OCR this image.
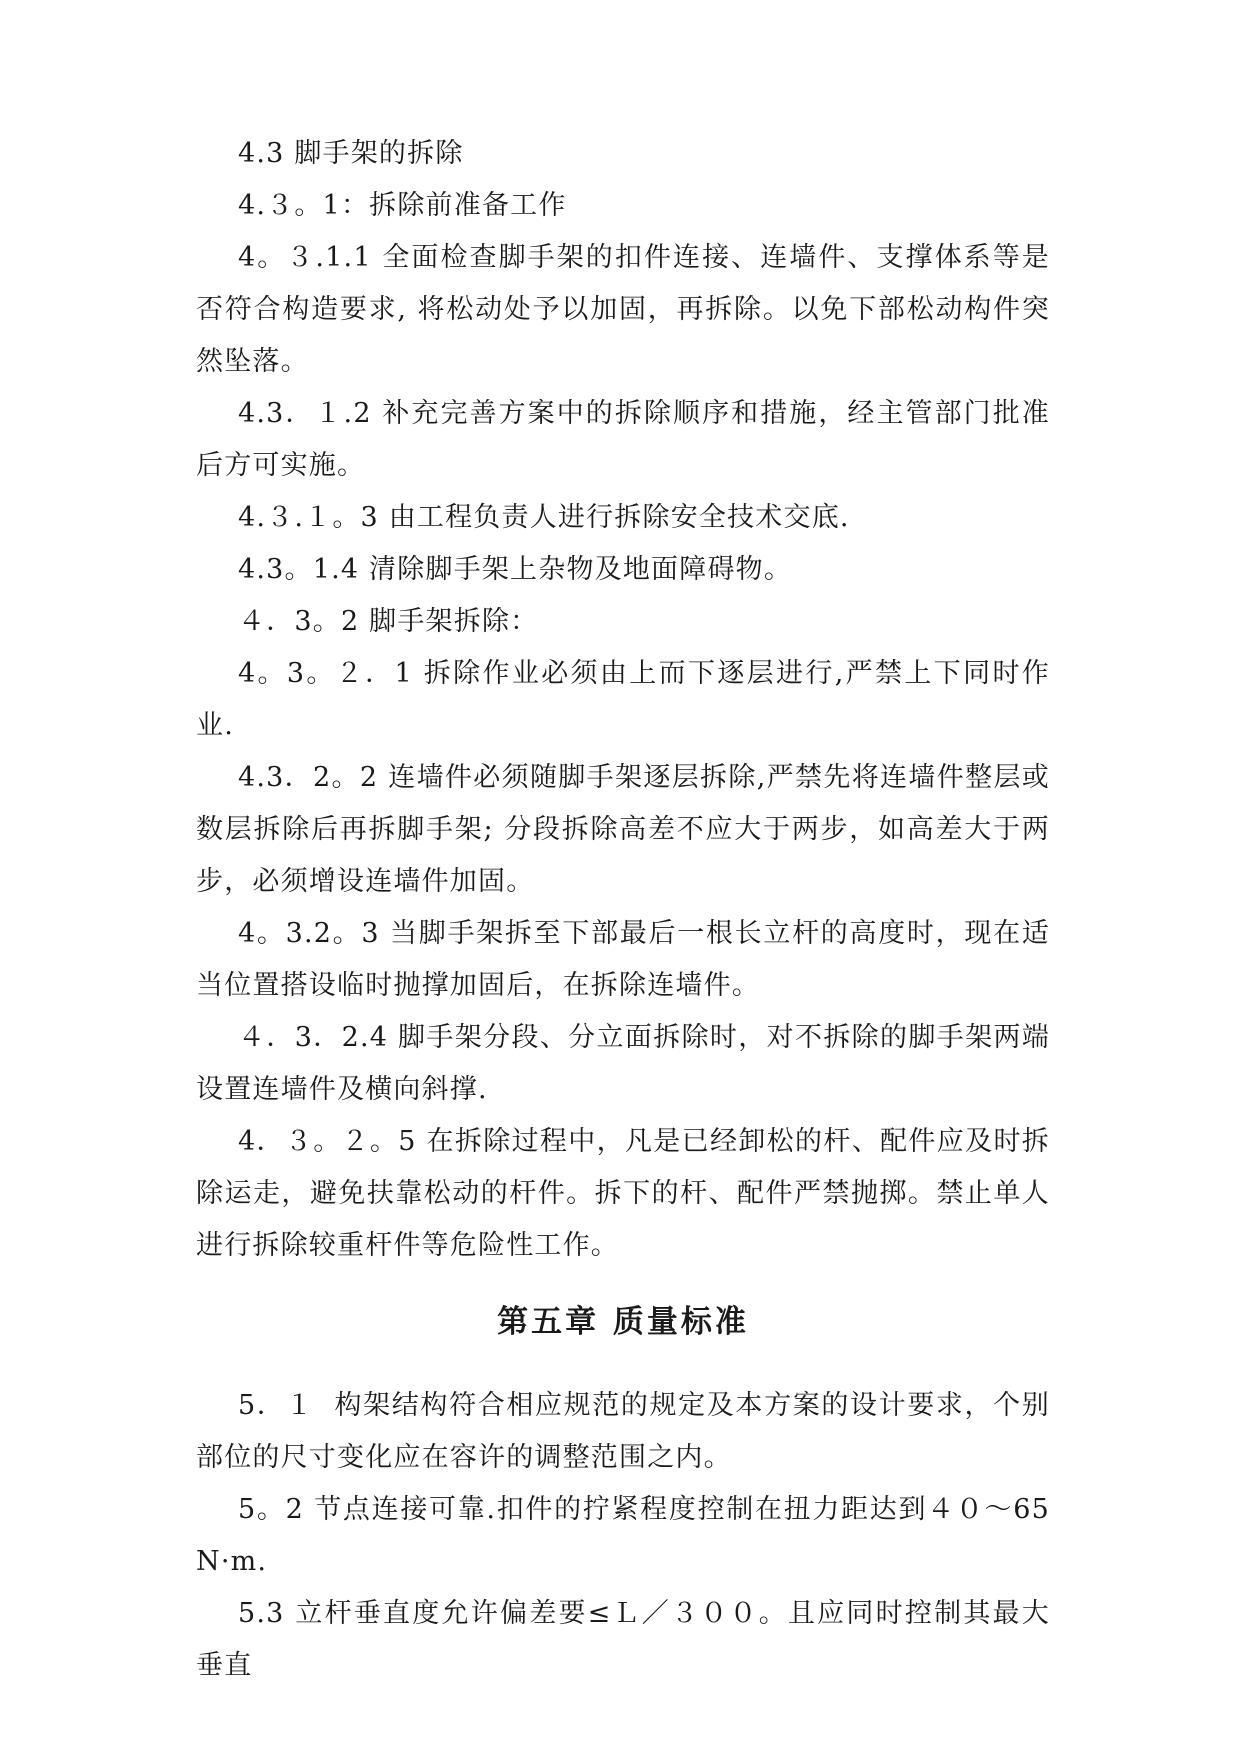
4.3 脚手架的拆除

4.３。1：拆除前准备工作

4。３.1.1 全面检查脚手架的扣件连接、连墙件、支撑体系等是否符合构造要求, 将松动处予以加固，再拆除。以免下部松动构件突然坠落。

4.3．１.2 补充完善方案中的拆除顺序和措施，经主管部门批准后方可实施。

4.３.１。3 由工程负责人进行拆除安全技术交底.

4.3。1.4 清除脚手架上杂物及地面障碍物。

４．3。2 脚手架拆除：

4。3。２．1 拆除作业必须由上而下逐层进行,严禁上下同时作业.

4.3．2。2 连墙件必须随脚手架逐层拆除,严禁先将连墙件整层或数层拆除后再拆脚手架; 分段拆除高差不应大于两步，如高差大于两步，必须增设连墙件加固。

4。3.2。3 当脚手架拆至下部最后一根长立杆的高度时，现在适当位置搭设临时抛撑加固后，在拆除连墙件。

４．3．2.4 脚手架分段、分立面拆除时，对不拆除的脚手架两端设置连墙件及横向斜撑.

4．３。２。5 在拆除过程中，凡是已经卸松的杆、配件应及时拆除运走，避免扶靠松动的杆件。拆下的杆、配件严禁抛掷。禁止单人进行拆除较重杆件等危险性工作。

第五章 质量标准

5．１  构架结构符合相应规范的规定及本方案的设计要求，个别部位的尺寸变化应在容许的调整范围之内。

5。2 节点连接可靠.扣件的拧紧程度控制在扭力距达到４０～65N·m.

5.3 立杆垂直度允许偏差要≤Ｌ／３００。且应同时控制其最大垂直
